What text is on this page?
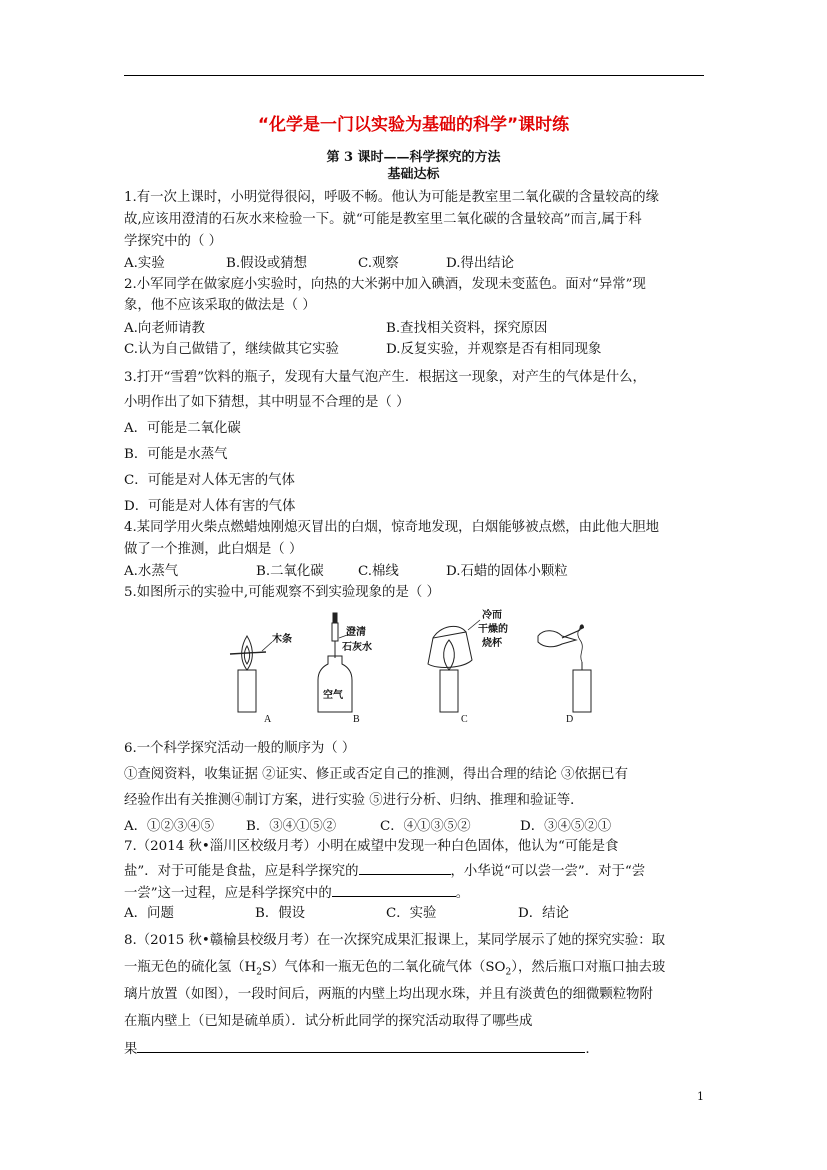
“化学是一门以实验为基础的科学”课时练
第 3 课时——科学探究的方法
基础达标
1.有一次上课时，小明觉得很闷，呼吸不畅。他认为可能是教室里二氧化碳的含量较高的缘
故,应该用澄清的石灰水来检验一下。就“可能是教室里二氧化碳的含量较高”而言,属于科
学探究中的（ ）
A.实验	B.假设或猜想	C.观察	D.得出结论
2.小军同学在做家庭小实验时，向热的大米粥中加入碘酒，发现未变蓝色。面对“异常”现
象，他不应该采取的做法是（ ）
A.向老师请教	B.查找相关资料，探究原因
C.认为自己做错了，继续做其它实验	D.反复实验，并观察是否有相同现象
3.打开“雪碧”饮料的瓶子，发现有大量气泡产生．根据这一现象，对产生的气体是什么，
小明作出了如下猜想，其中明显不合理的是（ ）
A．可能是二氧化碳
B．可能是水蒸气
C．可能是对人体无害的气体
D．可能是对人体有害的气体
4.某同学用火柴点燃蜡烛刚熄灭冒出的白烟，惊奇地发现，白烟能够被点燃，由此他大胆地
做了一个推测，此白烟是（ ）
A.水蒸气	B.二氧化碳	C.棉线	D.石蜡的固体小颗粒
5.如图所示的实验中,可能观察不到实验现象的是（ ）
木条
A
澄清
石灰水
空气
B
冷而
干燥的
烧杯
C	D
6.一个科学探究活动一般的顺序为（ ）
①查阅资料，收集证据 ②证实、修正或否定自己的推测，得出合理的结论 ③依据已有
经验作出有关推测④制订方案，进行实验 ⑤进行分析、归纳、推理和验证等．
A．①②③④⑤ B．③④①⑤②	C．④①③⑤②	D．③④⑤②①
7.（2014 秋•淄川区校级月考）小明在威望中发现一种白色固体，他认为“可能是食
盐”．对于可能是食盐，应是科学探究的	，小华说“可以尝一尝”．对于“尝
一尝”这一过程，应是科学探究中的	。
A．问题	B．假设	C．实验	D．结论
8.（2015 秋•赣榆县校级月考）在一次探究成果汇报课上，某同学展示了她的探究实验：取
一瓶无色的硫化氢$(H_2S)$气体和一瓶无色的二氧化硫气体$(SO_2)$，然后瓶口对瓶口抽去玻
璃片放置（如图），一段时间后，两瓶的内壁上均出现水珠，并且有淡黄色的细微颗粒物附
在瓶内壁上（已知是硫单质）．试分析此同学的探究活动取得了哪些成
果	.
1
